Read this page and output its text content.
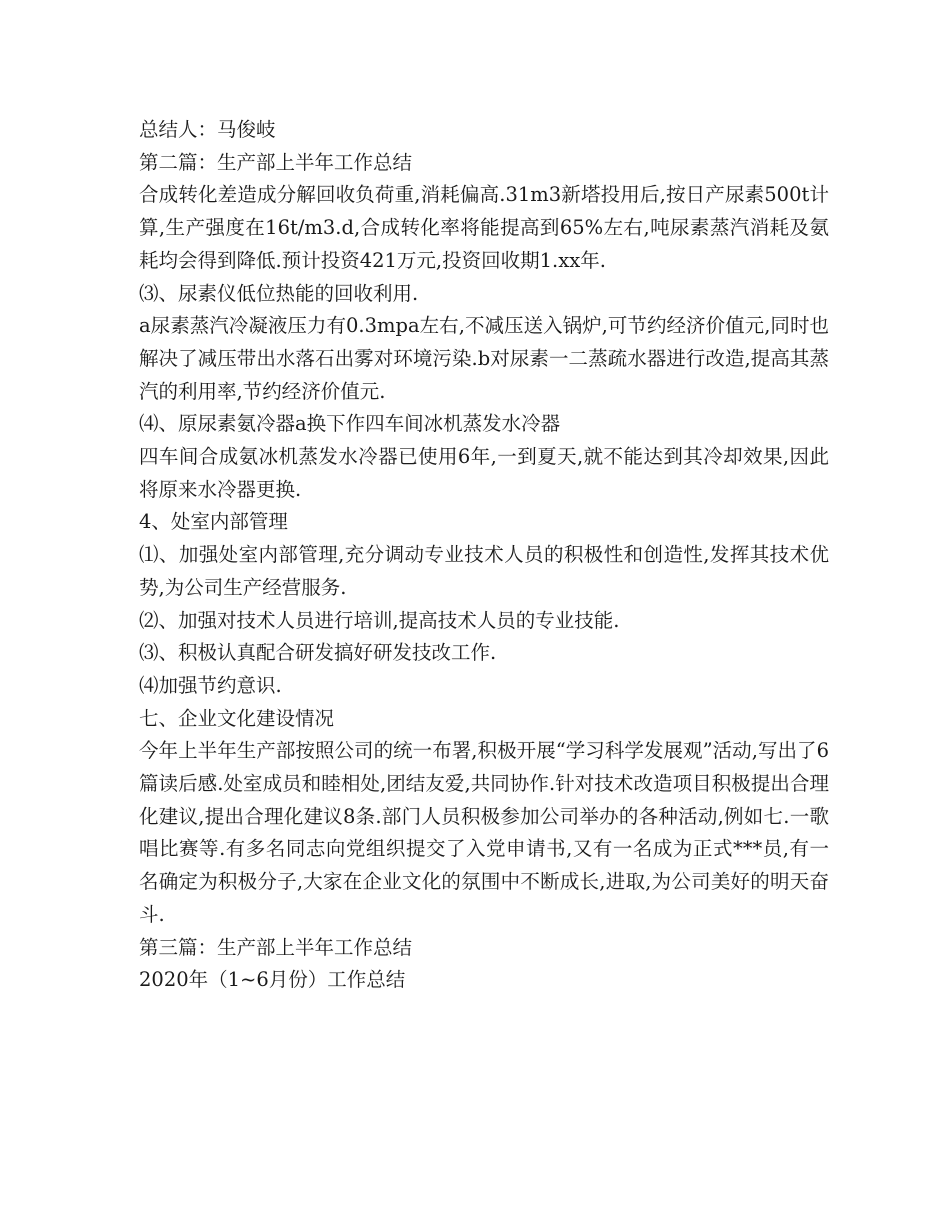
总结人：马俊岐

第二篇：生产部上半年工作总结

合成转化差造成分解回收负荷重,消耗偏高.31m3新塔投用后,按日产尿素500t计算,生产强度在16t/m3.d,合成转化率将能提高到65%左右,吨尿素蒸汽消耗及氨耗均会得到降低.预计投资421万元,投资回收期1.xx年.

⑶、尿素仪低位热能的回收利用.

a尿素蒸汽冷凝液压力有0.3mpa左右,不减压送入锅炉,可节约经济价值元,同时也解决了减压带出水落石出雾对环境污染.b对尿素一二蒸疏水器进行改造,提高其蒸汽的利用率,节约经济价值元.

⑷、原尿素氨冷器a换下作四车间冰机蒸发水冷器

四车间合成氨冰机蒸发水冷器已使用6年,一到夏天,就不能达到其冷却效果,因此将原来水冷器更换.

4、处室内部管理

⑴、加强处室内部管理,充分调动专业技术人员的积极性和创造性,发挥其技术优势,为公司生产经营服务.

⑵、加强对技术人员进行培训,提高技术人员的专业技能.

⑶、积极认真配合研发搞好研发技改工作.

⑷加强节约意识.

七、企业文化建设情况

今年上半年生产部按照公司的统一布署,积极开展“学习科学发展观”活动,写出了6篇读后感.处室成员和睦相处,团结友爱,共同协作.针对技术改造项目积极提出合理化建议,提出合理化建议8条.部门人员积极参加公司举办的各种活动,例如七.一歌唱比赛等.有多名同志向党组织提交了入党申请书,又有一名成为正式***员,有一名确定为积极分子,大家在企业文化的氛围中不断成长,进取,为公司美好的明天奋斗.

第三篇：生产部上半年工作总结

2020年（1~6月份）工作总结
